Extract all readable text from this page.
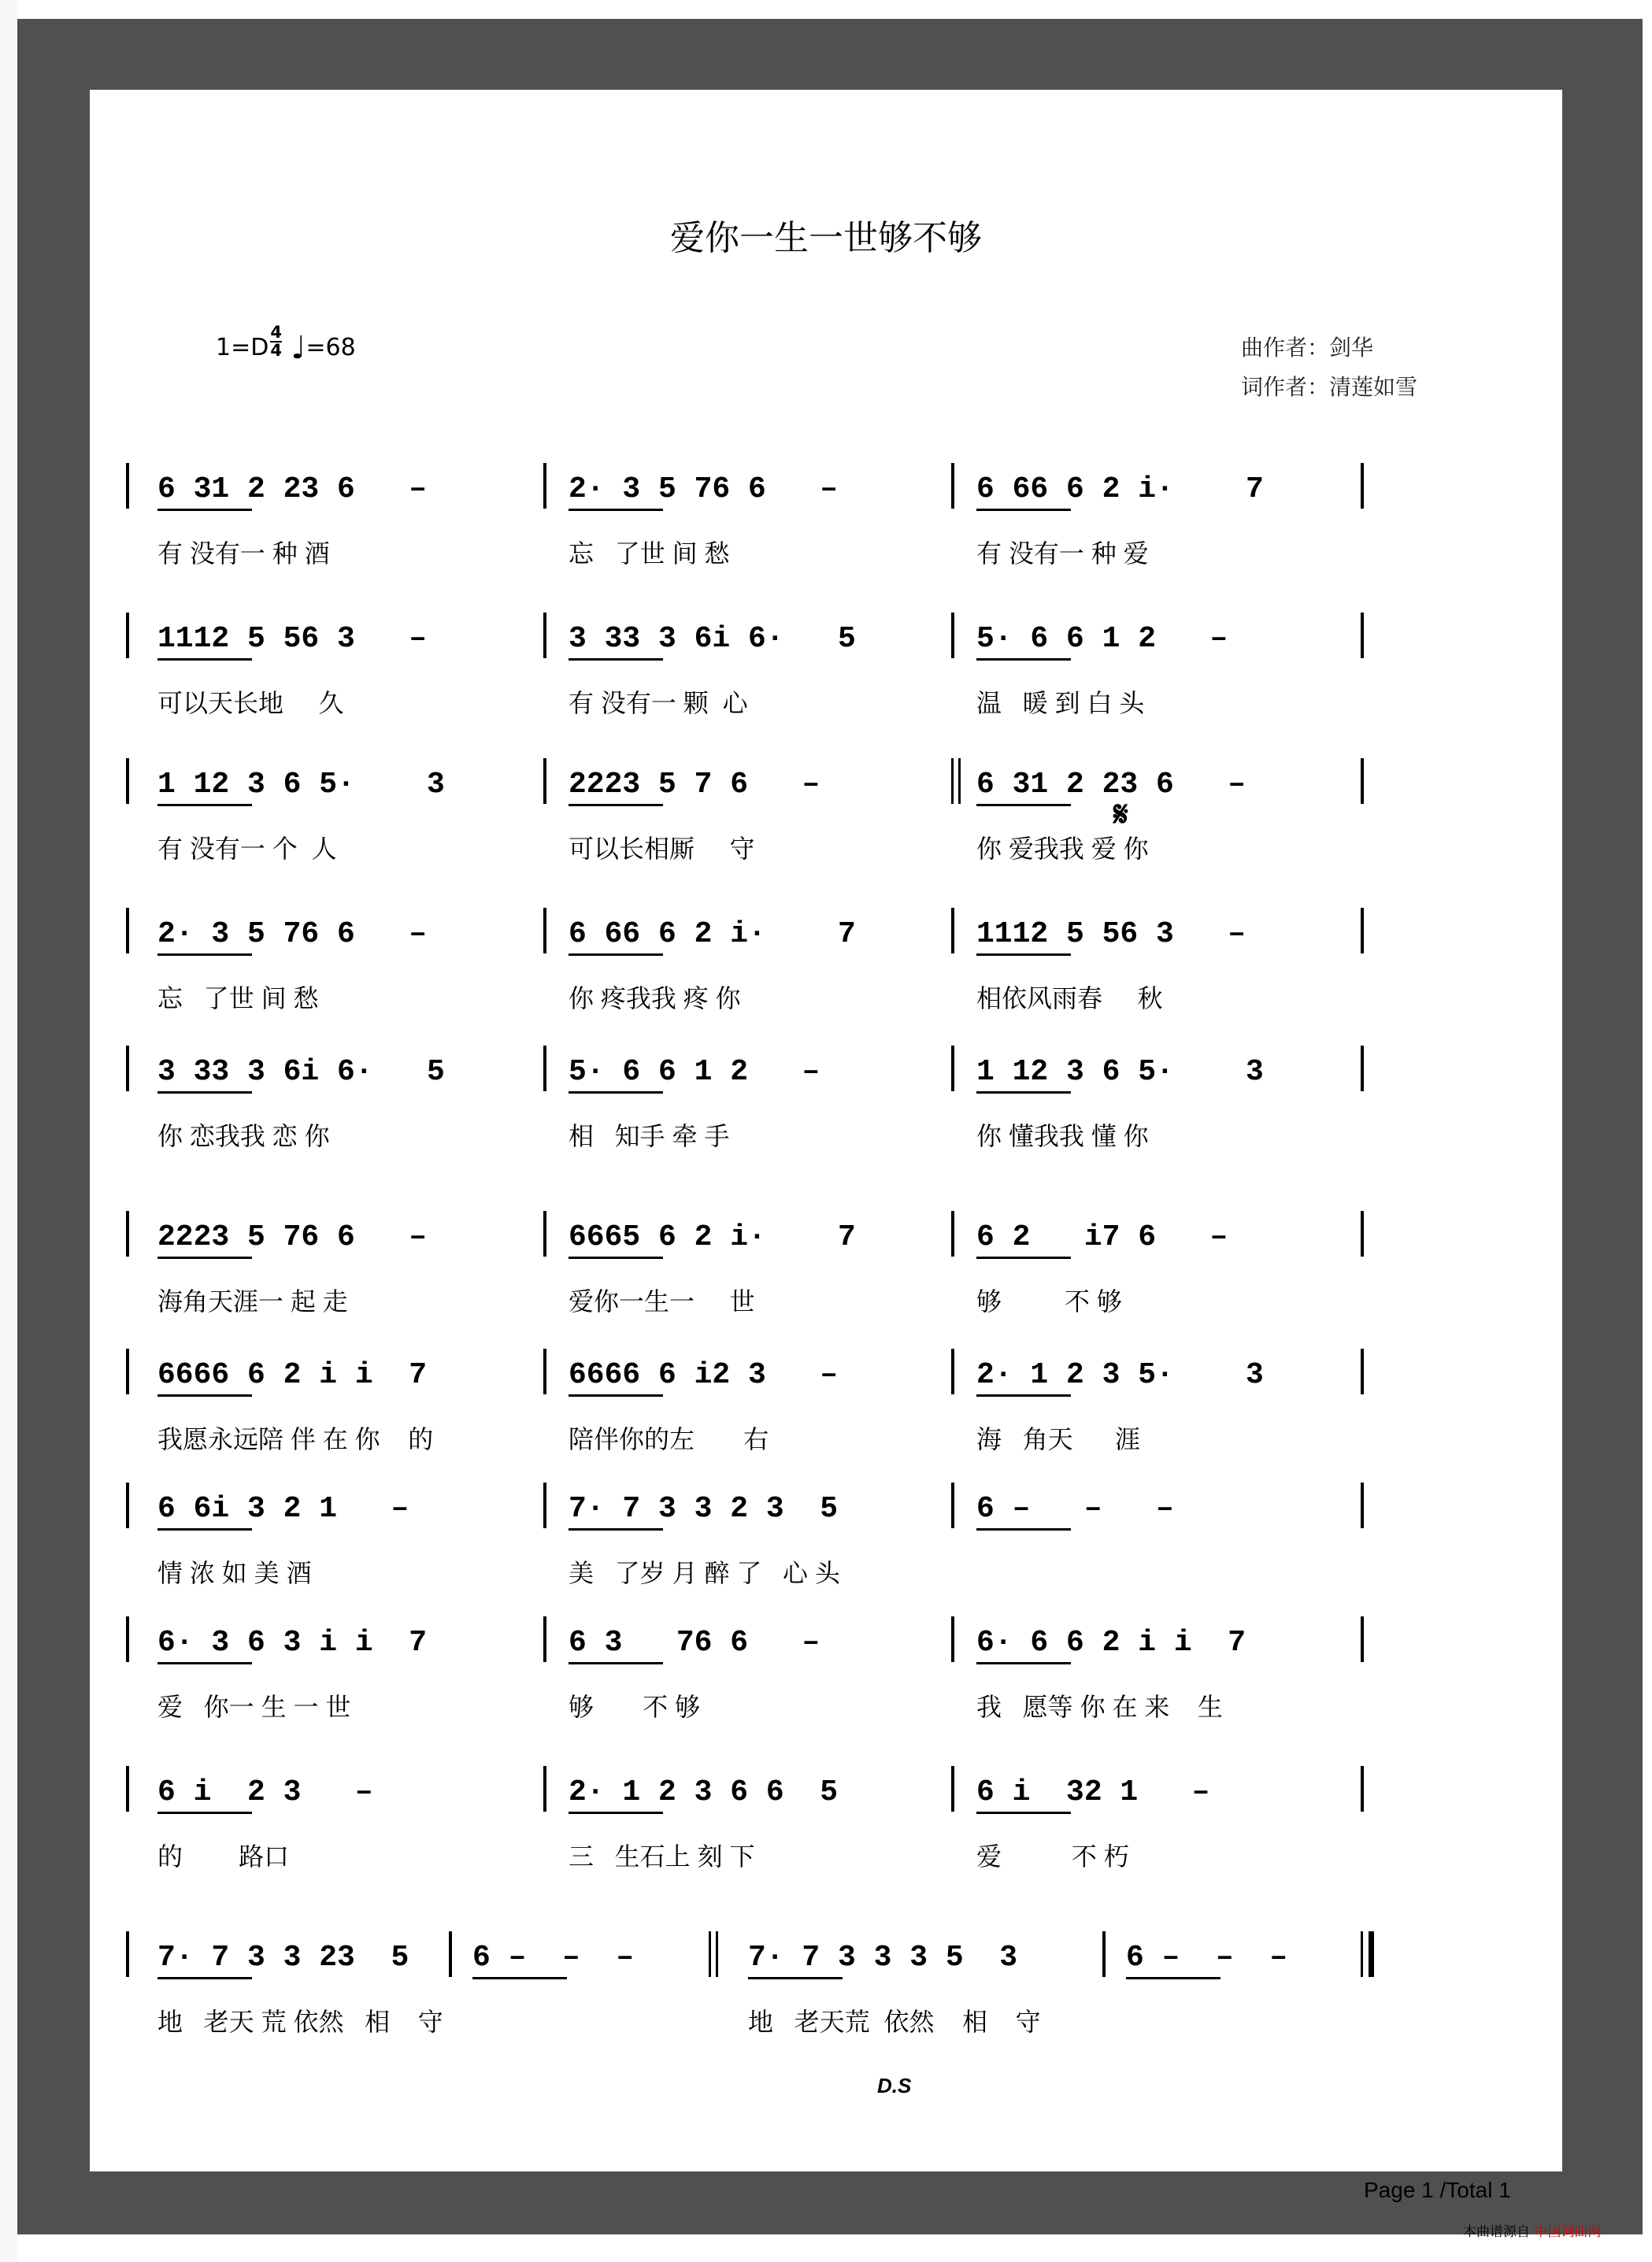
爱你一生一世够不够
$1=D \frac{4}{4}$ ♩=68	曲作者：剑华
词作者：清莲如雪
𝄋
D.S
Page 1 /Total 1
6 31 2 23 6   –
有 没有一 种 酒
2· 3 5 76 6   –
忘   了世 间 愁
6 66 6 2 i·    7
有 没有一 种 爱
1112 5 56 3   –
可以天长地     久
3 33 3 6i 6·   5
有 没有一 颗  心
5· 6 6 1 2   –
温   暖 到 白 头
1 12 3 6 5·    3
有 没有一 个  人
2223 5 7 6   –
可以长相厮     守
6 31 2 23 6   –
你 爱我我 爱 你
2· 3 5 76 6   –
忘   了世 间 愁
6 66 6 2 i·    7
你 疼我我 疼 你
1112 5 56 3   –
相依风雨春     秋
3 33 3 6i 6·   5
你 恋我我 恋 你
5· 6 6 1 2   –
相   知手 牵 手
1 12 3 6 5·    3
你 懂我我 懂 你
2223 5 76 6   –
海角天涯一 起 走
6665 6 2 i·    7
爱你一生一     世
6 2   i7 6   –
够         不 够
6666 6 2 i i  7
我愿永远陪 伴 在 你    的
6666 6 i2 3   –
陪伴你的左       右
2· 1 2 3 5·    3
海   角天      涯
6 6i 3 2 1   –
情 浓 如 美 酒
7· 7 3 3 2 3  5
美   了岁 月 醉 了   心 头
6 –   –   –
6· 3 6 3 i i  7
爱   你一 生 一 世
6 3   76 6   –
够       不 够
6· 6 6 2 i i  7
我   愿等 你 在 来    生
6 i  2 3   –
的        路口
2· 1 2 3 6 6  5
三   生石上 刻 下
6 i  32 1   –
爱          不 朽
7· 7 3 3 23  5
地   老天 荒 依然   相    守
6 –  –  –	7· 7 3 3 3 5  3
地   老天荒  依然    相    守
6 –  –  –
本曲谱源自 中国词曲网
